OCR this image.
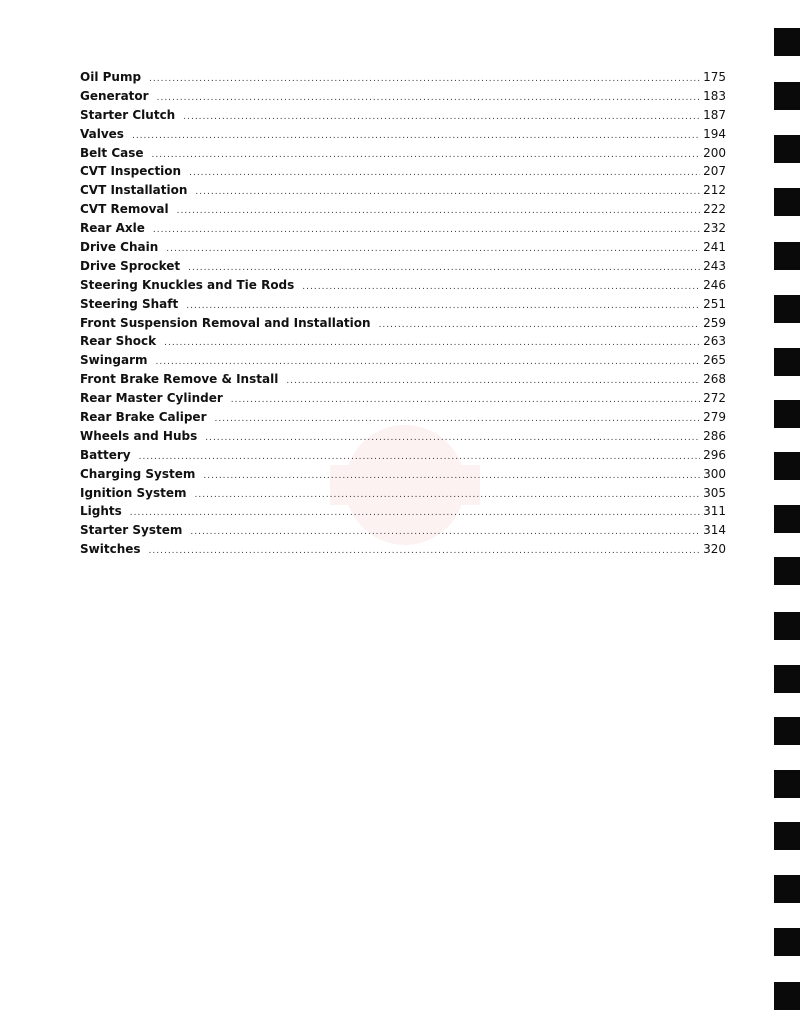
Oil Pump .....	175
Generator .....	183
Starter Clutch .....	187
Valves .....	194
Belt Case .....	200
CVT Inspection .....	207
CVT Installation .....	212
CVT Removal .....	222
Rear Axle .....	232
Drive Chain .....	241
Drive Sprocket .....	243
Steering Knuckles and Tie Rods .....	246
Steering Shaft .....	251
Front Suspension Removal and Installation .....	259
Rear Shock .....	263
Swingarm .....	265
Front Brake Remove & Install .....	268
Rear Master Cylinder .....	272
Rear Brake Caliper .....	279
Wheels and Hubs .....	286
Battery .....	296
Charging System .....	300
Ignition System .....	305
Lights .....	311
Starter System .....	314
Switches .....	320
